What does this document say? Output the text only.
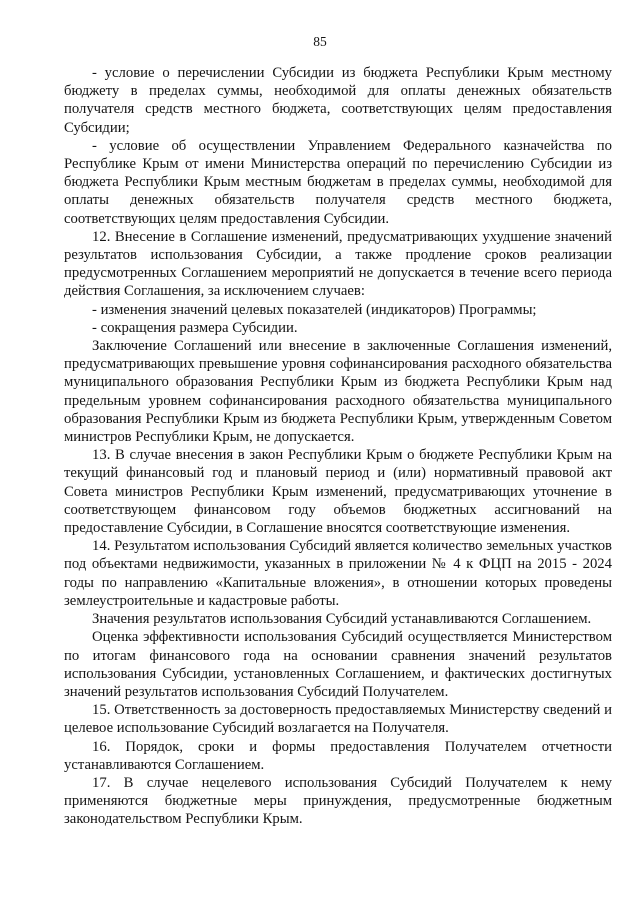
85

- условие о перечислении Субсидии из бюджета Республики Крым местному бюджету в пределах суммы, необходимой для оплаты денежных обязательств получателя средств местного бюджета, соответствующих целям предоставления Субсидии;

- условие об осуществлении Управлением Федерального казначейства по Республике Крым от имени Министерства операций по перечислению Субсидии из бюджета Республики Крым местным бюджетам в пределах суммы, необходимой для оплаты денежных обязательств получателя средств местного бюджета, соответствующих целям предоставления Субсидии.

12. Внесение в Соглашение изменений, предусматривающих ухудшение значений результатов использования Субсидии, а также продление сроков реализации предусмотренных Соглашением мероприятий не допускается в течение всего периода действия Соглашения, за исключением случаев:

- изменения значений целевых показателей (индикаторов) Программы;

- сокращения размера Субсидии.

Заключение Соглашений или внесение в заключенные Соглашения изменений, предусматривающих превышение уровня софинансирования расходного обязательства муниципального образования Республики Крым из бюджета Республики Крым над предельным уровнем софинансирования расходного обязательства муниципального образования Республики Крым из бюджета Республики Крым, утвержденным Советом министров Республики Крым, не допускается.

13. В случае внесения в закон Республики Крым о бюджете Республики Крым на текущий финансовый год и плановый период и (или) нормативный правовой акт Совета министров Республики Крым изменений, предусматривающих уточнение в соответствующем финансовом году объемов бюджетных ассигнований на предоставление Субсидии, в Соглашение вносятся соответствующие изменения.

14. Результатом использования Субсидий является количество земельных участков под объектами недвижимости, указанных в приложении № 4 к ФЦП на 2015 - 2024 годы по направлению «Капитальные вложения», в отношении которых проведены землеустроительные и кадастровые работы.

Значения результатов использования Субсидий устанавливаются Соглашением.

Оценка эффективности использования Субсидий осуществляется Министерством по итогам финансового года на основании сравнения значений результатов использования Субсидии, установленных Соглашением, и фактических достигнутых значений результатов использования Субсидий Получателем.

15. Ответственность за достоверность предоставляемых Министерству сведений и целевое использование Субсидий возлагается на Получателя.

16. Порядок, сроки и формы предоставления Получателем отчетности устанавливаются Соглашением.

17. В случае нецелевого использования Субсидий Получателем к нему применяются бюджетные меры принуждения, предусмотренные бюджетным законодательством Республики Крым.
